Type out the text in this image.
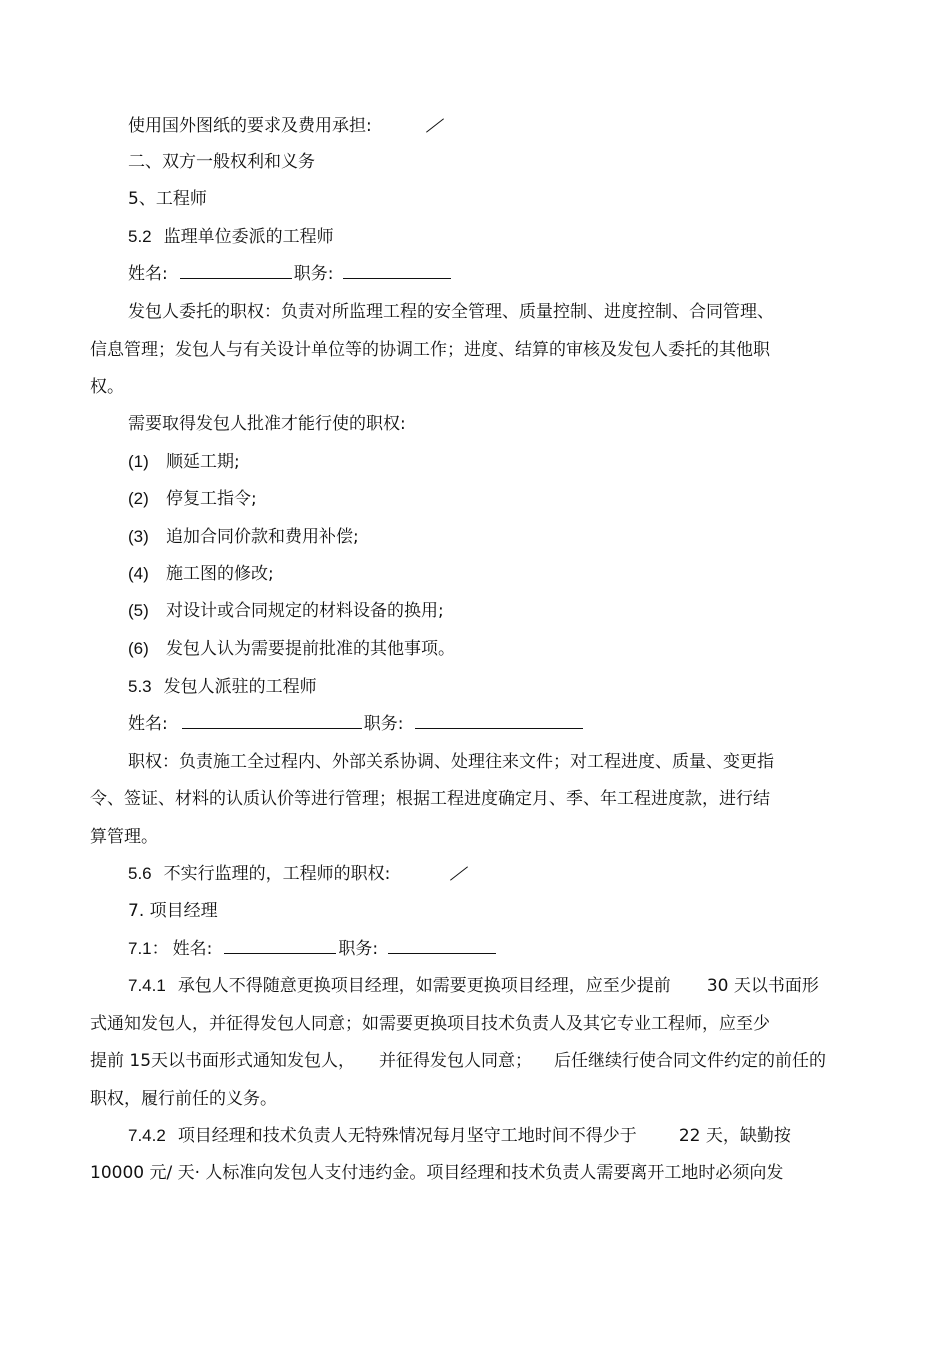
使用国外图纸的要求及费用承担:
二、双方一般权利和义务
5、工程师
5.2 监理单位委派的工程师
姓名:	职务:
发包人委托的职权：负责对所监理工程的安全管理、质量控制、进度控制、合同管理、
信息管理；发包人与有关设计单位等的协调工作；进度、结算的审核及发包人委托的其他职
权。
需要取得发包人批准才能行使的职权:
(1) 顺延工期;
(2) 停复工指令;
(3) 追加合同价款和费用补偿;
(4) 施工图的修改;
(5) 对设计或合同规定的材料设备的换用;
(6) 发包人认为需要提前批准的其他事项。
5.3 发包人派驻的工程师
姓名:	职务:
职权：负责施工全过程内、外部关系协调、处理往来文件；对工程进度、质量、变更指
令、签证、材料的认质认价等进行管理；根据工程进度确定月、季、年工程进度款，进行结
算管理。
5.6 不实行监理的，工程师的职权:
7. 项目经理
7.1： 姓名:	职务:
7.4.1 承包人不得随意更换项目经理，如需要更换项目经理，应至少提前 30 天以书面形
式通知发包人，并征得发包人同意；如需要更换项目技术负责人及其它专业工程师，应至少
提前 15天以书面形式通知发包人， 并征得发包人同意； 后任继续行使合同文件约定的前任的
职权，履行前任的义务。
7.4.2 项目经理和技术负责人无特殊情况每月坚守工地时间不得少于 22 天，缺勤按
10000 元/ 天· 人标准向发包人支付违约金。项目经理和技术负责人需要离开工地时必须向发
